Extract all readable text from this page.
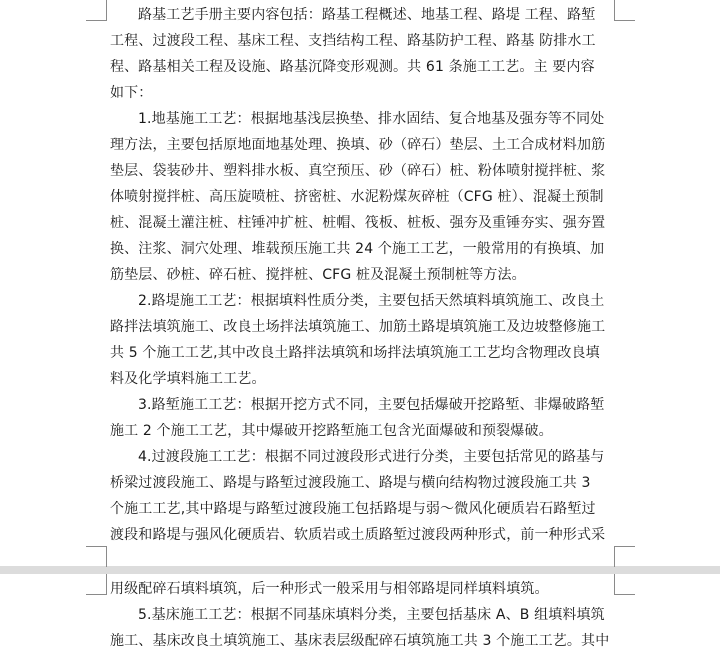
路基工艺手册主要内容包括：路基工程概述、地基工程、路堤 工程、路堑
工程、过渡段工程、基床工程、支挡结构工程、路基防护工程、路基 防排水工
程、路基相关工程及设施、路基沉降变形观测。共 61 条施工工艺。主 要内容
如下：
1.地基施工工艺：根据地基浅层换垫、排水固结、复合地基及强夯等不同处
理方法，主要包括原地面地基处理、换填、砂（碎石）垫层、土工合成材料加筋
垫层、袋装砂井、塑料排水板、真空预压、砂（碎石）桩、粉体喷射搅拌桩、浆
体喷射搅拌桩、高压旋喷桩、挤密桩、水泥粉煤灰碎桩（CFG 桩）、混凝土预制
桩、混凝土灌注桩、柱锤冲扩桩、桩帽、筏板、桩板、强夯及重锤夯实、强夯置
换、注浆、洞穴处理、堆载预压施工共 24 个施工工艺，一般常用的有换填、加
筋垫层、砂桩、碎石桩、搅拌桩、CFG 桩及混凝土预制桩等方法。
2.路堤施工工艺：根据填料性质分类，主要包括天然填料填筑施工、改良土
路拌法填筑施工、改良土场拌法填筑施工、加筋土路堤填筑施工及边坡整修施工
共 5 个施工工艺,其中改良土路拌法填筑和场拌法填筑施工工艺均含物理改良填
料及化学填料施工工艺。
3.路堑施工工艺：根据开挖方式不同，主要包括爆破开挖路堑、非爆破路堑
施工 2 个施工工艺，其中爆破开挖路堑施工包含光面爆破和预裂爆破。
4.过渡段施工工艺：根据不同过渡段形式进行分类，主要包括常见的路基与
桥梁过渡段施工、路堤与路堑过渡段施工、路堤与横向结构物过渡段施工共 3
个施工工艺,其中路堤与路堑过渡段施工包括路堤与弱～微风化硬质岩石路堑过
渡段和路堤与强风化硬质岩、软质岩或土质路堑过渡段两种形式，前一种形式采
用级配碎石填料填筑，后一种形式一般采用与相邻路堤同样填料填筑。
5.基床施工工艺：根据不同基床填料分类，主要包括基床 A、B 组填料填筑
施工、基床改良土填筑施工、基床表层级配碎石填筑施工共 3 个施工工艺。其中
